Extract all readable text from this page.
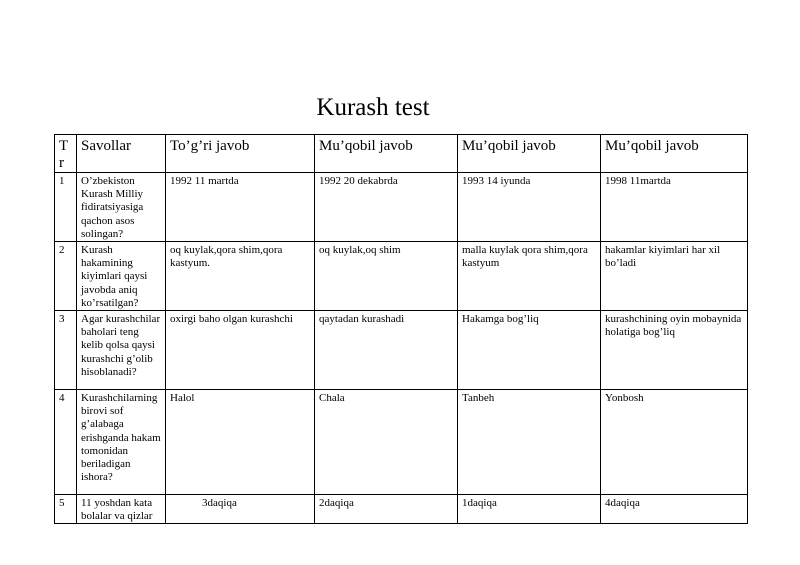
Kurash test
T r	Savollar	To’g’ri javob	Mu’qobil javob	Mu’qobil javob	Mu’qobil javob
1	O’zbekiston Kurash Milliy fidiratsiyasiga qachon asos solingan?	1992 11 martda	1992 20 dekabrda	1993 14 iyunda	1998 11martda
2	Kurash hakamining kiyimlari qaysi javobda aniq ko’rsatilgan?	oq kuylak,qora shim,qora kastyum.	oq kuylak,oq shim	malla kuylak qora shim,qora kastyum	hakamlar kiyimlari har xil bo’ladi
3	Agar kurashchilar baholari teng kelib qolsa qaysi kurashchi g’olib hisoblanadi?	oxirgi baho olgan kurashchi	qaytadan kurashadi	Hakamga bog’liq	kurashchining oyin mobaynida holatiga bog’liq
4	Kurashchilarning birovi sof g’alabaga erishganda hakam tomonidan beriladigan ishora?	Halol	Chala	Tanbeh	Yonbosh
5	11 yoshdan kata bolalar va qizlar	3daqiqa	2daqiqa	1daqiqa	4daqiqa
